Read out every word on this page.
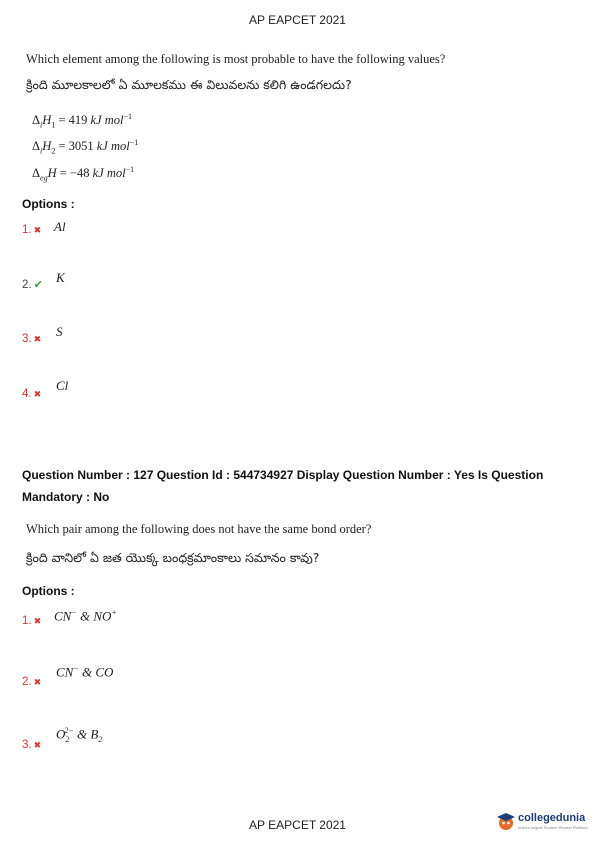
AP EAPCET 2021
Which element among the following is most probable to have the following values?
క్రింది మూలకాలలో ఏ మూలకము ఈ విలువలను కలిగి ఉండగలదు?
$\Delta_iH_1 = 419$ kJ mol$^{-1}$
$\Delta_iH_2 = 3051$ kJ mol$^{-1}$
$\Delta_{eg}H = -48$ kJ mol$^{-1}$
Options :
1. ✖ Al
2. ✔ K
3. ✖ S
4. ✖
Cl
Question Number : 127 Question Id : 544734927 Display Question Number : Yes Is Question Mandatory : No
Which pair among the following does not have the same bond order?
క్రింది వానిలో ఏ జత యొక్క బంధక్రమాంకాలు సమానం కావు?
Options :
1. ✖ CN− & NO+
2. ✖
CN− & CO
3. ✖
$O_2^{2-}$ & $B_2$
AP EAPCET 2021	collegedunia
India's largest Student Review Platform
